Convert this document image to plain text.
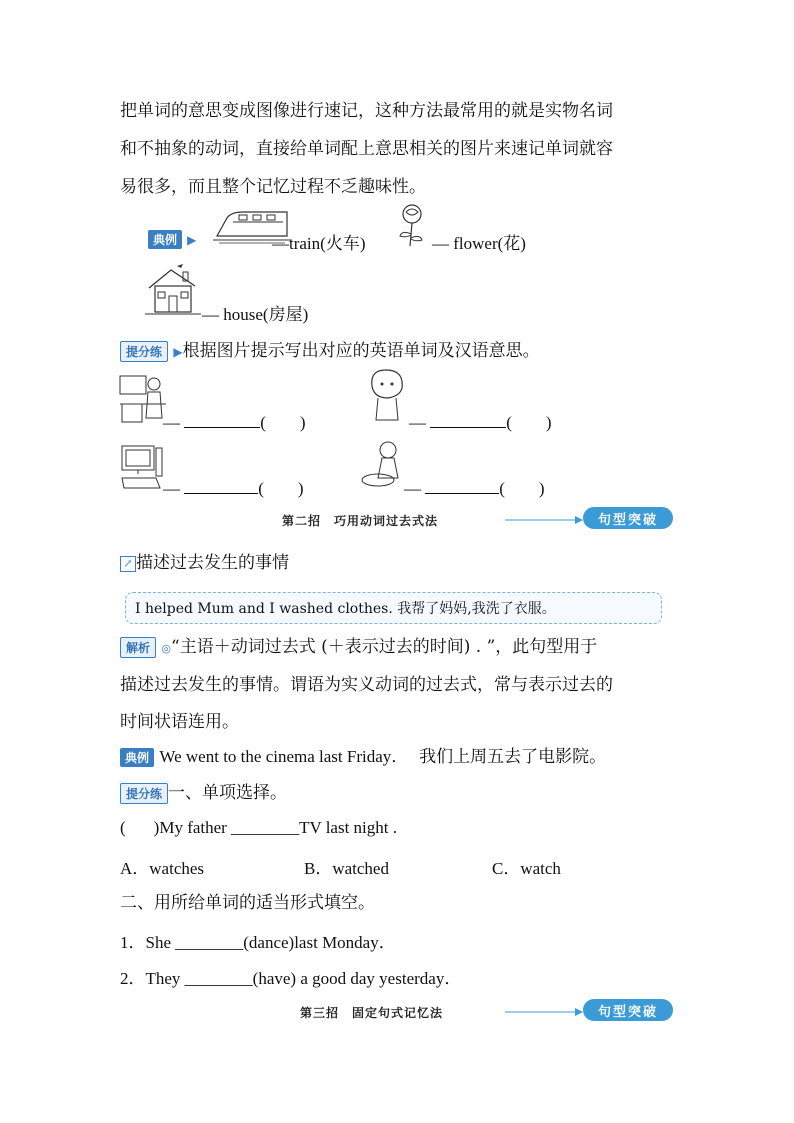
把单词的意思变成图像进行速记，这种方法最常用的就是实物名词
和不抽象的动词，直接给单词配上意思相关的图片来速记单词就容
易很多，而且整个记忆过程不乏趣味性。
典例 ▶	—train(火车)	— flower(花)
— house(房屋)
提分练 ▶根据图片提示写出对应的英语单词及汉语意思。
—	(　　)	—	(　　)
—	(　　)	—	(　　)
第二招　巧用动词过去式法	句型突破
↗ 描述过去发生的事情
I helped Mum and I washed clothes. 我帮了妈妈,我洗了衣服。
解析 ◎“主语＋动词过去式 (＋表示过去的时间) . ”，此句型用于
描述过去发生的事情。谓语为实义动词的过去式，常与表示过去的
时间状语连用。
典例 We went to the cinema last Friday． 我们上周五去了电影院。
提分练 一、单项选择。
( )My father ________TV last night .
A．watches	B．watched	C．watch
二、用所给单词的适当形式填空。
1．She ________(dance)last Monday．
2．They ________(have) a good day yesterday．
第三招　固定句式记忆法	句型突破
